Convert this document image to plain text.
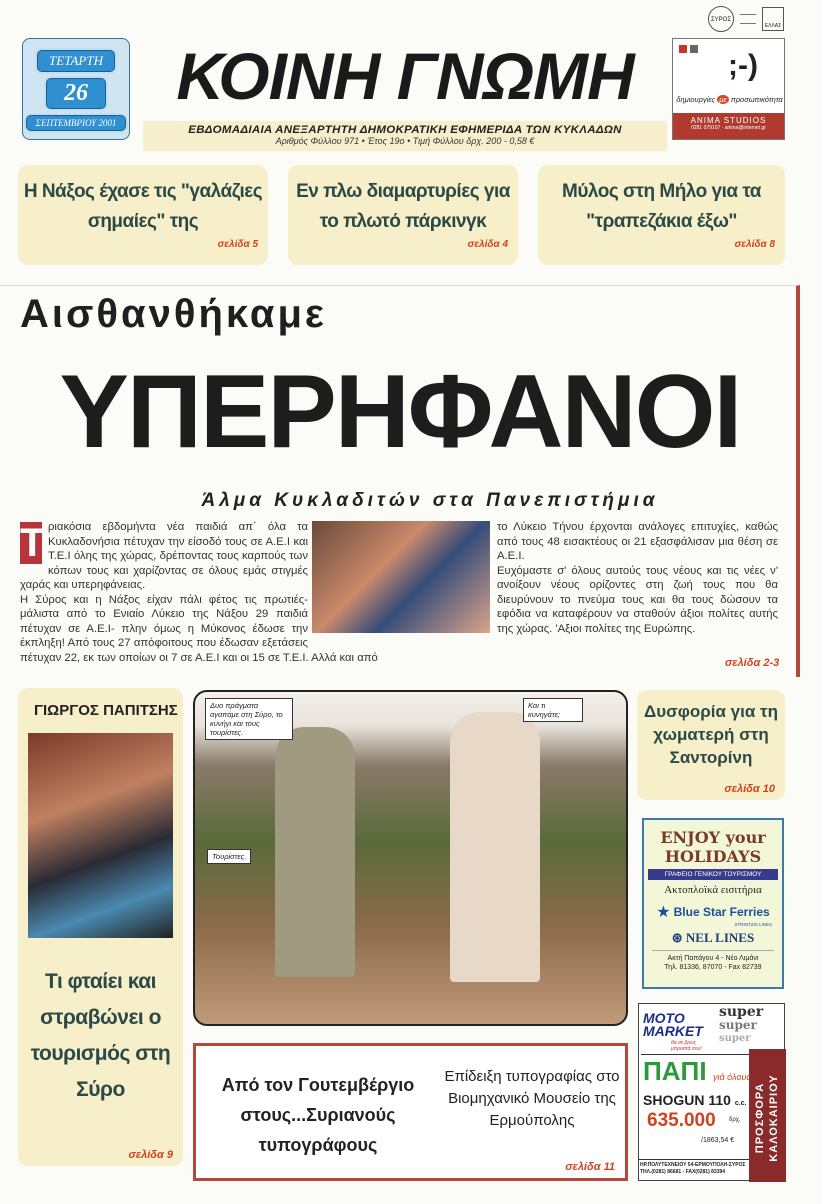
ΣΥΡΟΣ
ΕΛΛΑΣ
ΤΕΤΑΡΤΗ
26
ΣΕΠΤΕΜΒΡΙΟΥ 2001
ΚΟΙΝΗ ΓΝΩΜΗ
ΕΒΔΟΜΑΔΙΑΙΑ ΑΝΕΞΑΡΤΗΤΗ ΔΗΜΟΚΡΑΤΙΚΗ ΕΦΗΜΕΡΙΔΑ ΤΩΝ ΚΥΚΛΑΔΩΝ
Αριθμός Φύλλου 971 • Έτος 19ο • Τιμή Φύλλου δρχ. 200 - 0,58 €
;-)
δημιουργίες με προσωπικότητα
ANIMA STUDIOS
0281 079107 · anima@internet.gr
Η Νάξος έχασε τις "γαλάζιες σημαίες" της
σελίδα 5
Εν πλω διαμαρτυρίες για το πλωτό πάρκινγκ
σελίδα 4
Μύλος στη Μήλο για τα "τραπεζάκια έξω"
σελίδα 8
Αισθανθήκαμε
ΥΠΕΡΗΦΑΝΟΙ
Άλμα Κυκλαδιτών στα Πανεπιστήμια
Τ ριακόσια εβδομήντα νέα παιδιά απ΄ όλα τα Κυκλαδονήσια πέτυχαν την είσοδό τους σε Α.Ε.Ι και Τ.Ε.Ι όλης της χώρας, δρέποντας τους καρπούς των κόπων τους και χαρίζοντας σε όλους εμάς στιγμές χαράς και υπερηφάνειας.

Η Σύρος και η Νάξος είχαν πάλι φέτος τις πρωτιές- μάλιστα από το Ενιαίο Λύκειο της Νάξου 29 παιδιά πέτυχαν σε Α.Ε.Ι- πλην όμως η Μύκονος έδωσε την έκπληξη! Από τους 27 απόφοιτους που έδωσαν εξετάσεις πέτυχαν 22, εκ των οποίων οι 7 σε Α.Ε.Ι και οι 15 σε Τ.Ε.Ι. Αλλά και από

το Λύκειο Τήνου έρχονται ανάλογες επιτυχίες, καθώς από τους 48 εισακτέους οι 21 εξασφάλισαν μια θέση σε Α.Ε.Ι.

Ευχόμαστε σ' όλους αυτούς τους νέους και τις νέες ν' ανοίξουν νέους ορίζοντες στη ζωή τους που θα διευρύνουν το πνεύμα τους και θα τους δώσουν τα εφόδια να καταφέρουν να σταθούν άξιοι πολίτες αυτής της χώρας. 'Αξιοι πολίτες της Ευρώπης.

σελίδα 2-3
ΓΙΩΡΓΟΣ ΠΑΠΙΤΣΗΣ
Τι φταίει και στραβώνει ο τουρισμός στη Σύρο
σελίδα 9
Δυο πράγματα αγαπάμε στη Σύρο, το κυνήγι και τους τουρίστες.
Και τι κυνηγάτε;
Τουρίστες.
Από τον Γουτεμβέργιο στους...Συριανούς τυπογράφους
Επίδειξη τυπογραφίας στο Βιομηχανικό Μουσείο της Ερμούπολης
σελίδα 11
Δυσφορία για τη χωματερή στη Σαντορίνη
σελίδα 10
ENJOY your HOLIDAYS
ΓΡΑΦΕΙΟ ΓΕΝΙΚΟΥ ΤΟΥΡΙΣΜΟΥ
Ακτοπλοϊκά εισιτήρια
★ Blue Star Ferries
STRINTZIS LINES
⊛ NEL LINES
Ακτή Παπάγου 4 - Νέο Λιμάνι
Τηλ. 81336, 87070 - Fax 82739
MOTO MARKET
θα σε βρεις μπροστά σου!
super
super
super
ΠΡΟΣΦΟΡΑ ΚΑΛΟΚΑΙΡΙΟΥ
ΠΑΠΙ γιά όλους
SHOGUN 110 c.c.
635.000 δρχ.
/1863,54 €
ΗΡ.ΠΟΛΥΤΕΧΝΕΙΟΥ 54-ΕΡΜΟΥΠΟΛΗ-ΣΥΡΟΣ
ΤΗΛ.(0281) 86681 - FAX(0281) 83394
